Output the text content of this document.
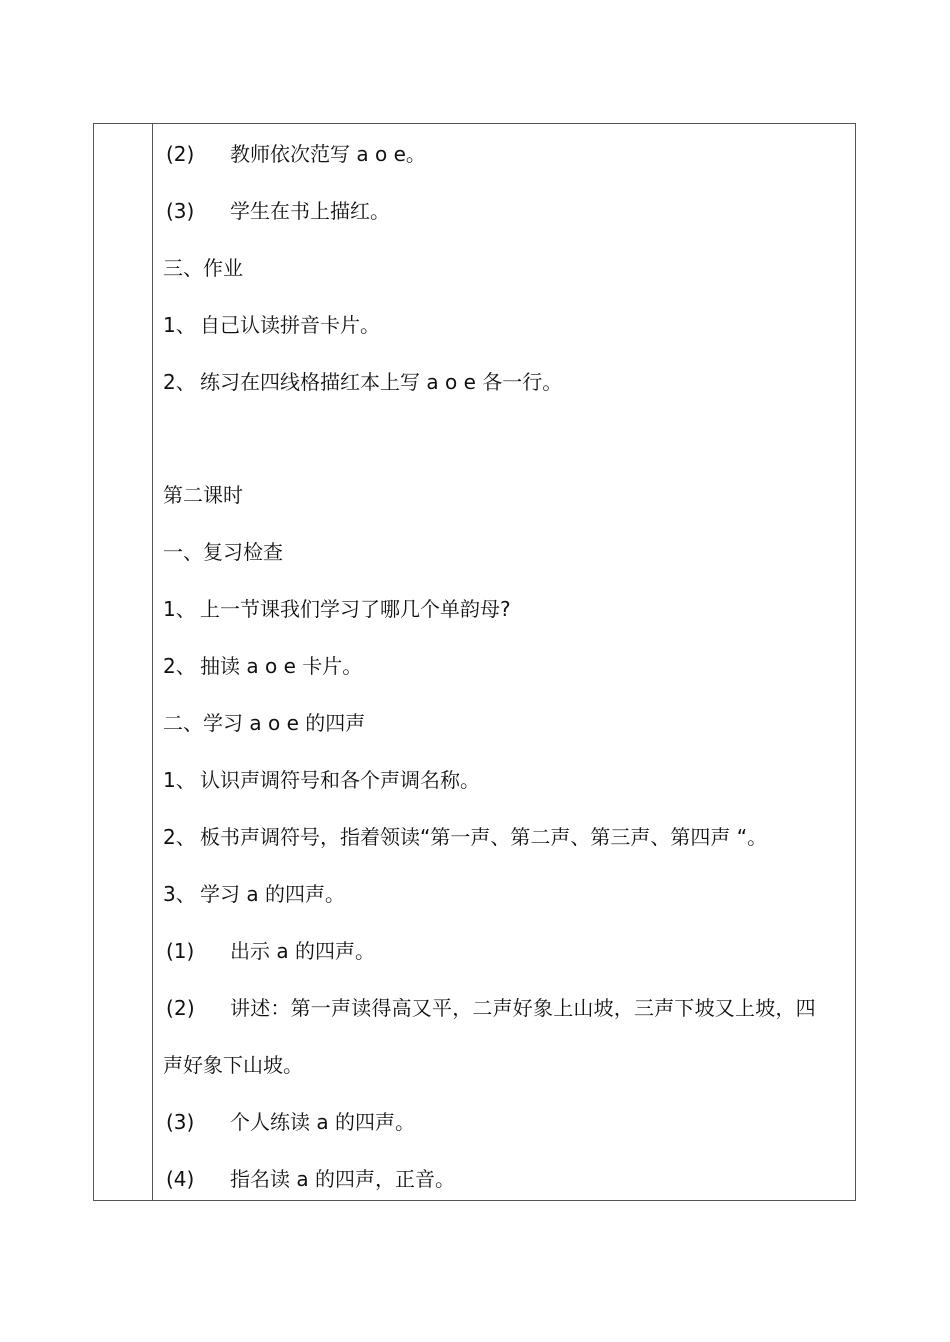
(2) 教师依次范写 a o e。
(3) 学生在书上描红。
三、作业
1、 自己认读拼音卡片。
2、 练习在四线格描红本上写 a o e 各一行。
第二课时
一、复习检查
1、 上一节课我们学习了哪几个单韵母?
2、 抽读 a o e 卡片。
二、学习 a o e 的四声
1、 认识声调符号和各个声调名称。
2、 板书声调符号，指着领读“第一声、第二声、第三声、第四声 “。
3、 学习 a 的四声。
(1) 出示 a 的四声。
(2) 讲述：第一声读得高又平，二声好象上山坡，三声下坡又上坡，四
声好象下山坡。
(3) 个人练读 a 的四声。
(4) 指名读 a 的四声，正音。
